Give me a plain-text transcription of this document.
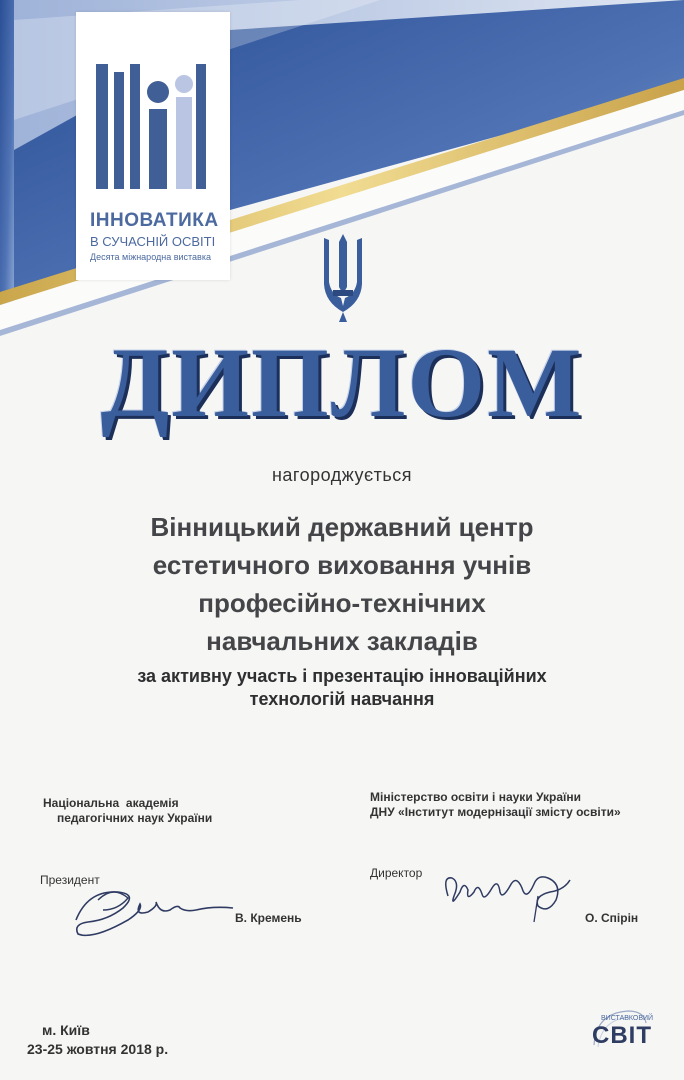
ІННОВАТИКА
В СУЧАСНІЙ ОСВІТІ
Десята міжнародна виставка
ДИПЛОМ
нагороджується
Вінницький державний центр
естетичного виховання учнів
професійно-технічних
навчальних закладів
за активну участь і презентацію інноваційних
технологій навчання
Національна  академія
педагогічних наук України
Міністерство освіти і науки України
ДНУ «Інститут модернізації змісту освіти»
Президент	Директор
В. Кремень	О. Спірін
м. Київ
23-25 жовтня 2018 р.
ВИСТАВКОВИЙ
СВІТ
